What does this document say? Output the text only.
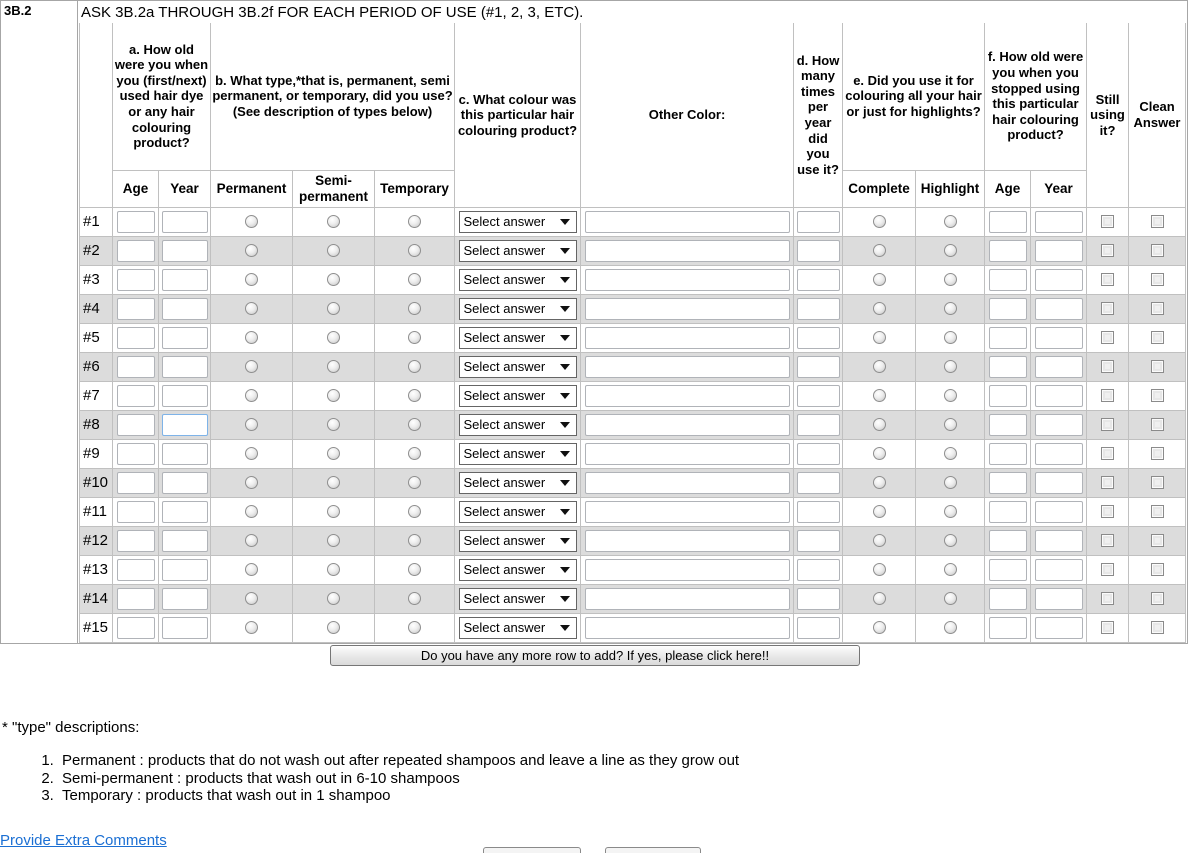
3B.2	ASK 3B.2a THROUGH 3B.2f FOR EACH PERIOD OF USE (#1, 2, 3, ETC).
	a. How old were you when you (first/next) used hair dye or any hair colouring product?		b. What type,*that is, permanent, semi permanent, or temporary, did you use? (See description of types below)			c. What colour was this particular hair colouring product?	Other Color:	d. How many times per year did you use it?	e. Did you use it for colouring all your hair or just for highlights?		f. How old were you when you stopped using this particular hair colouring product?		Still using it?	Clean Answer
	Age	Year	Permanent	Semi-permanent	Temporary				Complete	Highlight	Age	Year		
#1						Select answer

#2						Select answer

#3						Select answer

#4						Select answer

#5						Select answer

#6						Select answer

#7						Select answer

#8						Select answer

#9						Select answer

#10						Select answer

#11						Select answer

#12						Select answer

#13						Select answer

#14						Select answer

#15						Select answer

Do you have any more row to add? If yes, please click here!!
* "type" descriptions:
1. Permanent : products that do not wash out after repeated shampoos and leave a line as they grow out
2. Semi-permanent : products that wash out in 6-10 shampoos
3. Temporary : products that wash out in 1 shampoo
Provide Extra Comments
